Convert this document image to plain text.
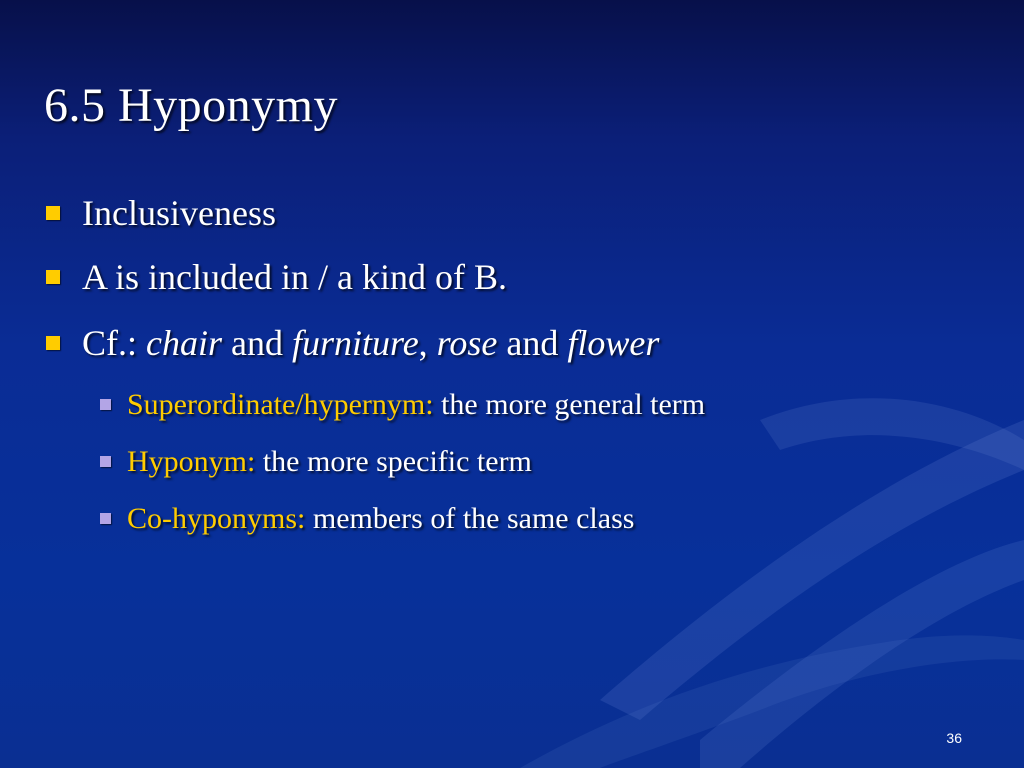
6.5 Hyponymy
Inclusiveness
A is included in / a kind of B.
Cf.: chair and furniture, rose and flower
Superordinate/hypernym: the more general term
Hyponym: the more specific term
Co-hyponyms: members of the same class
36
